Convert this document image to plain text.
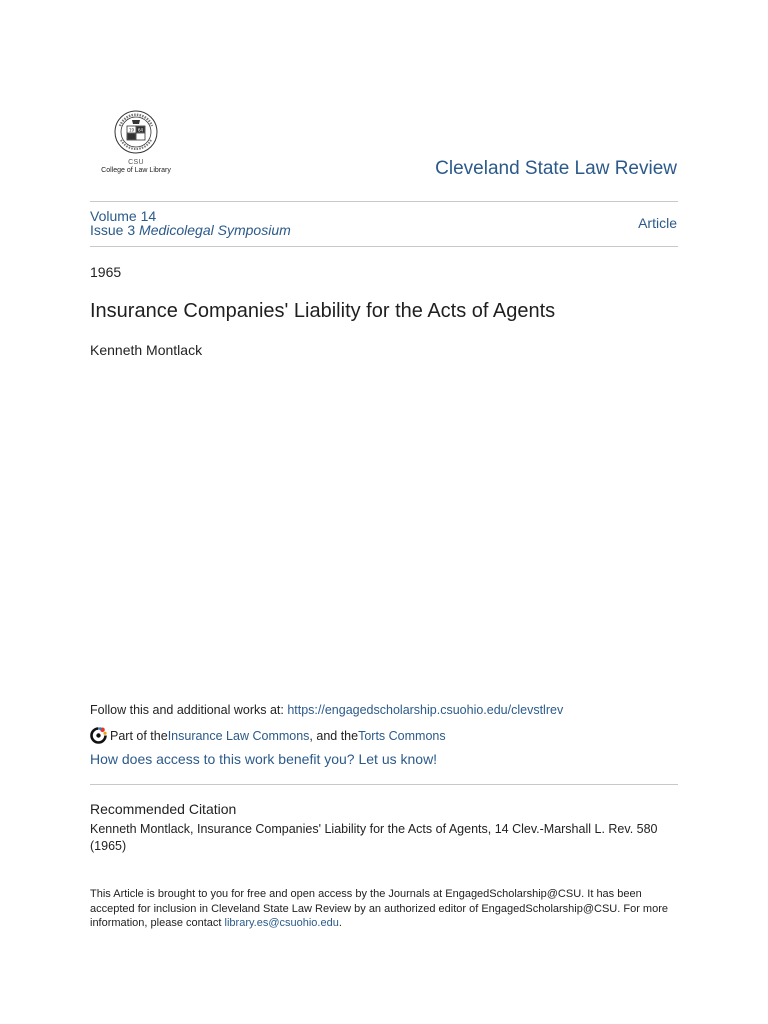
19 64
CSU
College of Law Library	Cleveland State Law Review
Volume 14
Issue 3 Medicolegal Symposium	Article
1965
Insurance Companies' Liability for the Acts of Agents
Kenneth Montlack
Follow this and additional works at: https://engagedscholarship.csuohio.edu/clevstlrev
Part of the Insurance Law Commons , and the Torts Commons
How does access to this work benefit you? Let us know!
Recommended Citation
Kenneth Montlack, Insurance Companies' Liability for the Acts of Agents, 14 Clev.-Marshall L. Rev. 580 (1965)
This Article is brought to you for free and open access by the Journals at EngagedScholarship@CSU. It has been accepted for inclusion in Cleveland State Law Review by an authorized editor of EngagedScholarship@CSU. For more information, please contact library.es@csuohio.edu.
